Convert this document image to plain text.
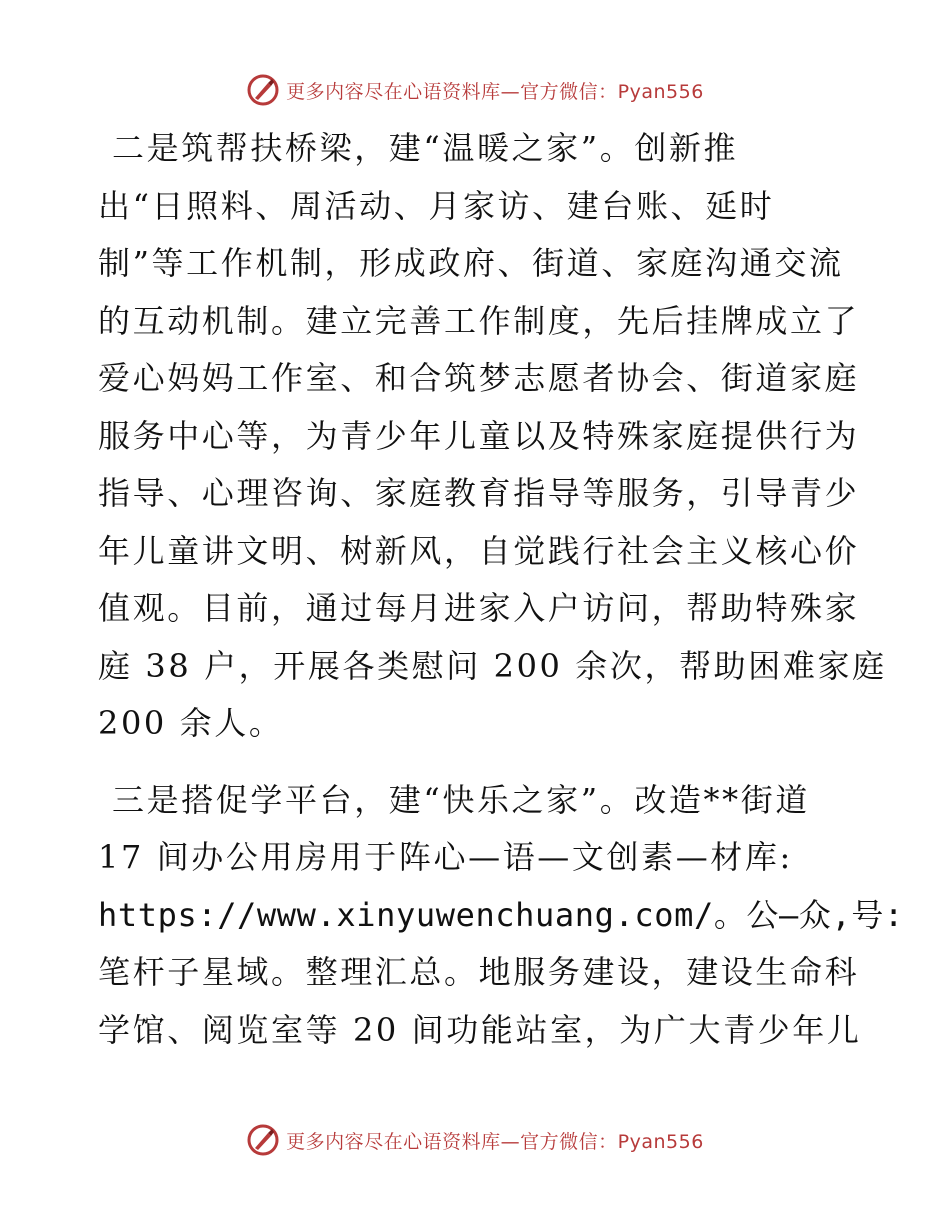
更多内容尽在心语资料库—官方微信：Pyan556

二是筑帮扶桥梁，建“温暖之家”。创新推
出“日照料、周活动、月家访、建台账、延时
制”等工作机制，形成政府、街道、家庭沟通交流
的互动机制。建立完善工作制度，先后挂牌成立了
爱心妈妈工作室、和合筑梦志愿者协会、街道家庭
服务中心等，为青少年儿童以及特殊家庭提供行为
指导、心理咨询、家庭教育指导等服务，引导青少
年儿童讲文明、树新风，自觉践行社会主义核心价
值观。目前，通过每月进家入户访问，帮助特殊家
庭 38 户，开展各类慰问 200 余次，帮助困难家庭
200 余人。

三是搭促学平台，建“快乐之家”。改造**街道
17 间办公用房用于阵心—语—文创素—材库:
https://www.xinyuwenchuang.com/。公—众,号:
笔杆子星域。整理汇总。地服务建设，建设生命科
学馆、阅览室等 20 间功能站室，为广大青少年儿

更多内容尽在心语资料库—官方微信：Pyan556
